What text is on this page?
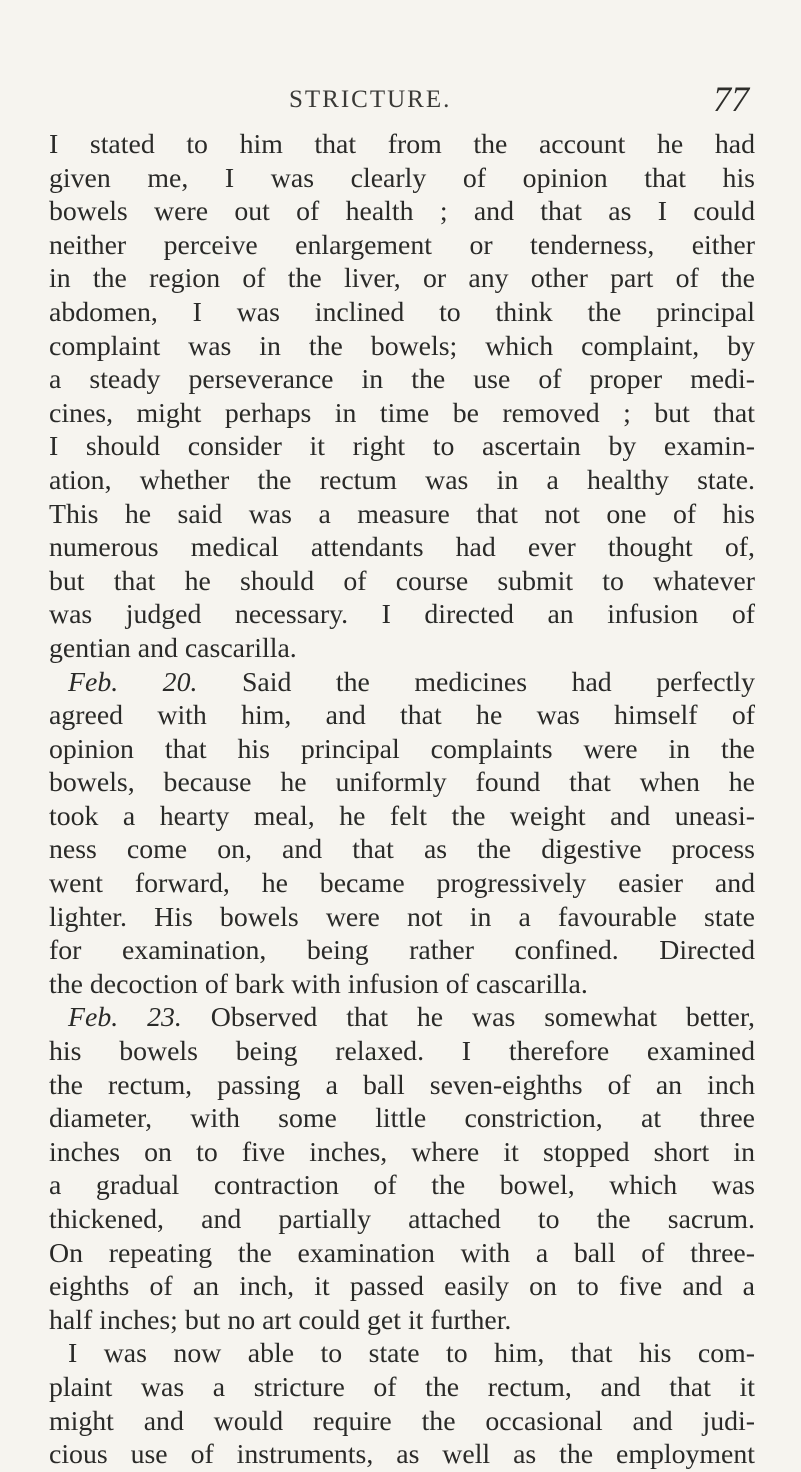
STRICTURE.	77
I stated to him that from the account he had
given me, I was clearly of opinion that his
bowels were out of health ; and that as I could
neither perceive enlargement or tenderness, either
in the region of the liver, or any other part of the
abdomen, I was inclined to think the principal
complaint was in the bowels; which complaint, by
a steady perseverance in the use of proper medi-
cines, might perhaps in time be removed ; but that
I should consider it right to ascertain by examin-
ation, whether the rectum was in a healthy state.
This he said was a measure that not one of his
numerous medical attendants had ever thought of,
but that he should of course submit to whatever
was judged necessary. I directed an infusion of
gentian and cascarilla.
Feb. 20. Said the medicines had perfectly
agreed with him, and that he was himself of
opinion that his principal complaints were in the
bowels, because he uniformly found that when he
took a hearty meal, he felt the weight and uneasi-
ness come on, and that as the digestive process
went forward, he became progressively easier and
lighter. His bowels were not in a favourable state
for examination, being rather confined. Directed
the decoction of bark with infusion of cascarilla.
Feb. 23. Observed that he was somewhat better,
his bowels being relaxed. I therefore examined
the rectum, passing a ball seven-eighths of an inch
diameter, with some little constriction, at three
inches on to five inches, where it stopped short in
a gradual contraction of the bowel, which was
thickened, and partially attached to the sacrum.
On repeating the examination with a ball of three-
eighths of an inch, it passed easily on to five and a
half inches; but no art could get it further.
I was now able to state to him, that his com-
plaint was a stricture of the rectum, and that it
might and would require the occasional and judi-
cious use of instruments, as well as the employment
